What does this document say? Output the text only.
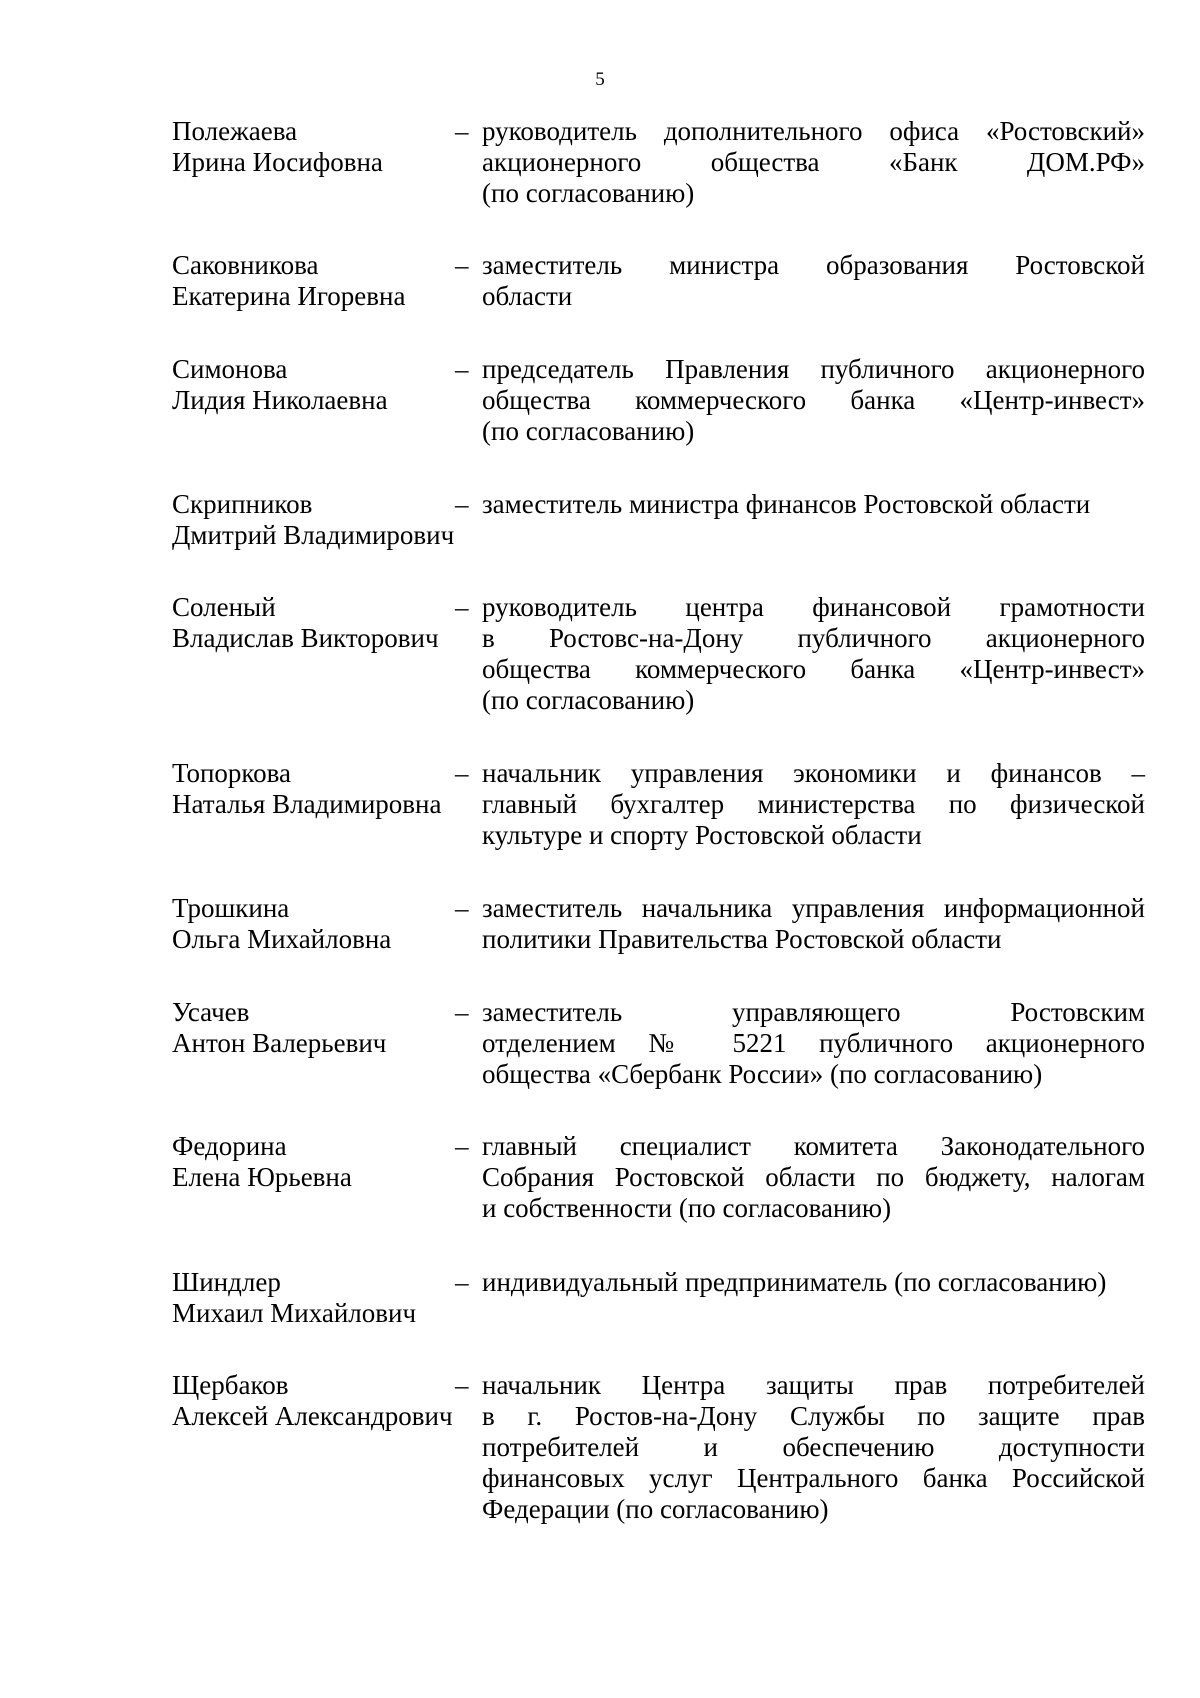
5
Полежаева
Ирина Иосифовна
– руководитель дополнительного офиса «Ростовский»
акционерного общества «Банк ДОМ.РФ»
(по согласованию)
Саковникова
Екатерина Игоревна
– заместитель министра образования Ростовской
области
Симонова
Лидия Николаевна
– председатель Правления публичного акционерного
общества коммерческого банка «Центр-инвест»
(по согласованию)
Скрипников
Дмитрий Владимирович
– заместитель министра финансов Ростовской области
Соленый
Владислав Викторович
– руководитель центра финансовой грамотности
в Ростовс-на-Дону публичного акционерного
общества коммерческого банка «Центр-инвест»
(по согласованию)
Топоркова
Наталья Владимировна
– начальник управления экономики и финансов –
главный бухгалтер министерства по физической
культуре и спорту Ростовской области
Трошкина
Ольга Михайловна
– заместитель начальника управления информационной
политики Правительства Ростовской области
Усачев
Антон Валерьевич
– заместитель управляющего Ростовским
отделением № 5221 публичного акционерного
общества «Сбербанк России» (по согласованию)
Федорина
Елена Юрьевна
– главный специалист комитета Законодательного
Собрания Ростовской области по бюджету, налогам
и собственности (по согласованию)
Шиндлер
Михаил Михайлович
– индивидуальный предприниматель (по согласованию)
Щербаков
Алексей Александрович
– начальник Центра защиты прав потребителей
в г. Ростов-на-Дону Службы по защите прав
потребителей и обеспечению доступности
финансовых услуг Центрального банка Российской
Федерации (по согласованию)
